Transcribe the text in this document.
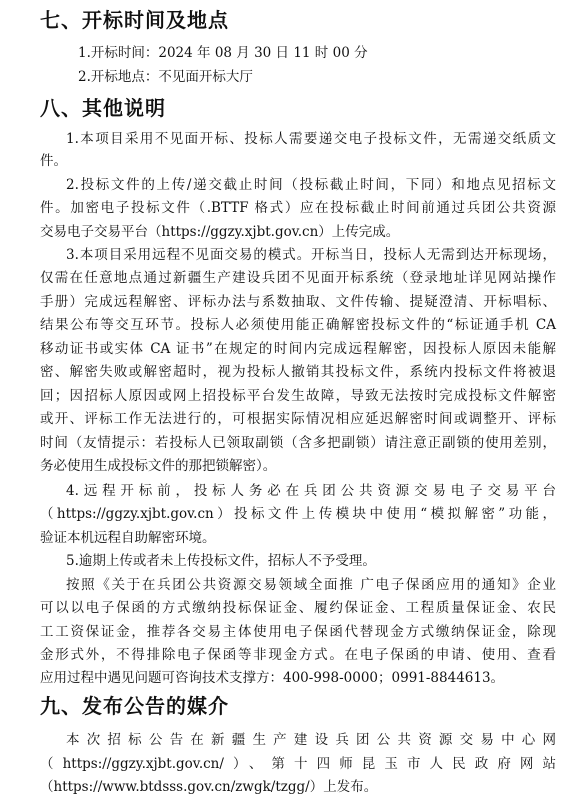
七、开标时间及地点

1.开标时间：2024 年 08 月 30 日 11 时 00 分

2.开标地点：不见面开标大厅

八、其他说明

1.本项目采用不见面开标、投标人需要递交电子投标文件，无需递交纸质文

件。

2.投标文件的上传/递交截止时间（投标截止时间，下同）和地点见招标文

件。加密电子投标文件（.BTTF 格式）应在投标截止时间前通过兵团公共资源

交易电子交易平台（https://ggzy.xjbt.gov.cn）上传完成。

3.本项目采用远程不见面交易的模式。开标当日，投标人无需到达开标现场，

仅需在任意地点通过新疆生产建设兵团不见面开标系统（登录地址详见网站操作

手册）完成远程解密、评标办法与系数抽取、文件传输、提疑澄清、开标唱标、

结果公布等交互环节。投标人必须使用能正确解密投标文件的“标证通手机 CA

移动证书或实体 CA 证书”在规定的时间内完成远程解密，因投标人原因未能解

密、解密失败或解密超时，视为投标人撤销其投标文件，系统内投标文件将被退

回；因招标人原因或网上招投标平台发生故障，导致无法按时完成投标文件解密

或开、评标工作无法进行的，可根据实际情况相应延迟解密时间或调整开、评标

时间（友情提示：若投标人已领取副锁（含多把副锁）请注意正副锁的使用差别，

务必使用生成投标文件的那把锁解密）。

4.远程开标前，投标人务必在兵团公共资源交易电子交易平台

（https://ggzy.xjbt.gov.cn）投标文件上传模块中使用“模拟解密”功能，

验证本机远程自助解密环境。

5.逾期上传或者未上传投标文件，招标人不予受理。

按照《关于在兵团公共资源交易领域全面推 广电子保函应用的通知》企业

可以以电子保函的方式缴纳投标保证金、履约保证金、工程质量保证金、农民

工工资保证金，推荐各交易主体使用电子保函代替现金方式缴纳保证金，除现

金形式外，不得排除电子保函等非现金方式。在电子保函的申请、使用、查看

应用过程中遇见问题可咨询技术支撑方：400-998-0000；0991-8844613。

九、发布公告的媒介

本次招标公告在新疆生产建设兵团公共资源交易中心网

（https://ggzy.xjbt.gov.cn/）、第十四师昆玉市人民政府网站

（https://www.btdsss.gov.cn/zwgk/tzgg/）上发布。
